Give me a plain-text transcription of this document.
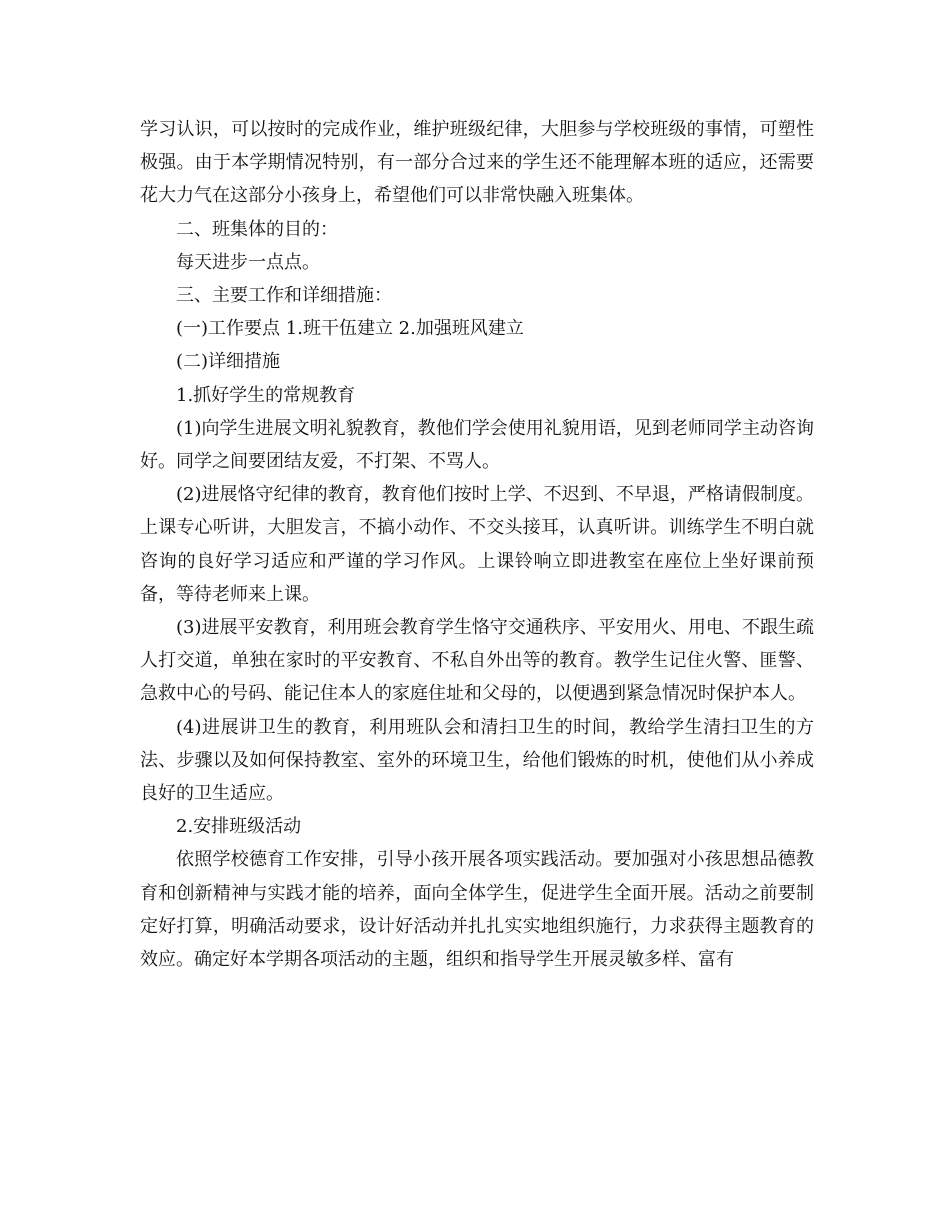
学习认识，可以按时的完成作业，维护班级纪律，大胆参与学校班级的事情，可塑性极强。由于本学期情况特别，有一部分合过来的学生还不能理解本班的适应，还需要花大力气在这部分小孩身上，希望他们可以非常快融入班集体。

二、班集体的目的：

每天进步一点点。

三、主要工作和详细措施：

(一)工作要点 1.班干伍建立 2.加强班风建立

(二)详细措施

1.抓好学生的常规教育

(1)向学生进展文明礼貌教育，教他们学会使用礼貌用语，见到老师同学主动咨询好。同学之间要团结友爱，不打架、不骂人。

(2)进展恪守纪律的教育，教育他们按时上学、不迟到、不早退，严格请假制度。上课专心听讲，大胆发言，不搞小动作、不交头接耳，认真听讲。训练学生不明白就咨询的良好学习适应和严谨的学习作风。上课铃响立即进教室在座位上坐好课前预备，等待老师来上课。

(3)进展平安教育，利用班会教育学生恪守交通秩序、平安用火、用电、不跟生疏人打交道，单独在家时的平安教育、不私自外出等的教育。教学生记住火警、匪警、急救中心的号码、能记住本人的家庭住址和父母的，以便遇到紧急情况时保护本人。

(4)进展讲卫生的教育，利用班队会和清扫卫生的时间，教给学生清扫卫生的方法、步骤以及如何保持教室、室外的环境卫生，给他们锻炼的时机，使他们从小养成良好的卫生适应。

2.安排班级活动

依照学校德育工作安排，引导小孩开展各项实践活动。要加强对小孩思想品德教育和创新精神与实践才能的培养，面向全体学生，促进学生全面开展。活动之前要制定好打算，明确活动要求，设计好活动并扎扎实实地组织施行，力求获得主题教育的效应。确定好本学期各项活动的主题，组织和指导学生开展灵敏多样、富有
